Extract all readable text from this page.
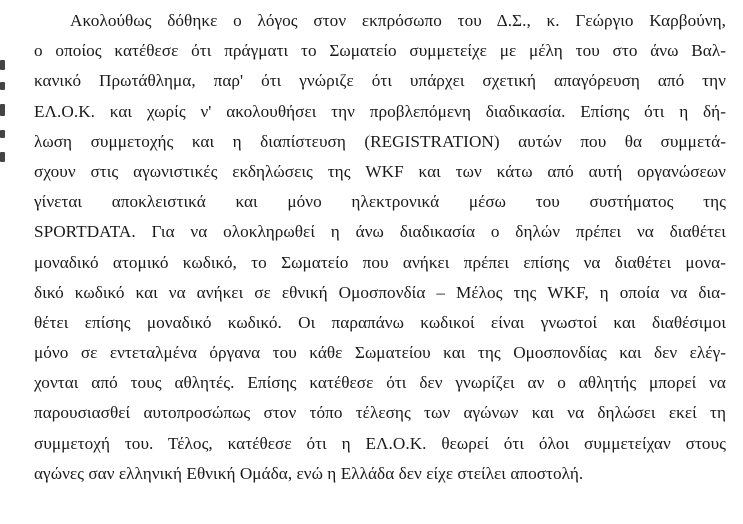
Ακολούθως δόθηκε ο λόγος στον εκπρόσωπο του Δ.Σ., κ. Γεώργιο Καρβούνη,
ο οποίος κατέθεσε ότι πράγματι το Σωματείο συμμετείχε με μέλη του στο άνω Βαλ-
κανικό Πρωτάθλημα, παρ' ότι γνώριζε ότι υπάρχει σχετική απαγόρευση από την
ΕΛ.Ο.Κ. και χωρίς ν' ακολουθήσει την προβλεπόμενη διαδικασία. Επίσης ότι η δή-
λωση συμμετοχής και η διαπίστευση (REGISTRATION) αυτών που θα συμμετά-
σχουν στις αγωνιστικές εκδηλώσεις της WKF και των κάτω από αυτή οργανώσεων
γίνεται αποκλειστικά και μόνο ηλεκτρονικά μέσω του συστήματος της
SPORTDATA. Για να ολοκληρωθεί η άνω διαδικασία ο δηλών πρέπει να διαθέτει
μοναδικό ατομικό κωδικό, το Σωματείο που ανήκει πρέπει επίσης να διαθέτει μονα-
δικό κωδικό και να ανήκει σε εθνική Ομοσπονδία – Μέλος της WKF, η οποία να δια-
θέτει επίσης μοναδικό κωδικό. Οι παραπάνω κωδικοί είναι γνωστοί και διαθέσιμοι
μόνο σε εντεταλμένα όργανα του κάθε Σωματείου και της Ομοσπονδίας και δεν ελέγ-
χονται από τους αθλητές. Επίσης κατέθεσε ότι δεν γνωρίζει αν ο αθλητής μπορεί να
παρουσιασθεί αυτοπροσώπως στον τόπο τέλεσης των αγώνων και να δηλώσει εκεί τη
συμμετοχή του. Τέλος, κατέθεσε ότι η ΕΛ.Ο.Κ. θεωρεί ότι όλοι συμμετείχαν στους
αγώνες σαν ελληνική Εθνική Ομάδα, ενώ η Ελλάδα δεν είχε στείλει αποστολή.
